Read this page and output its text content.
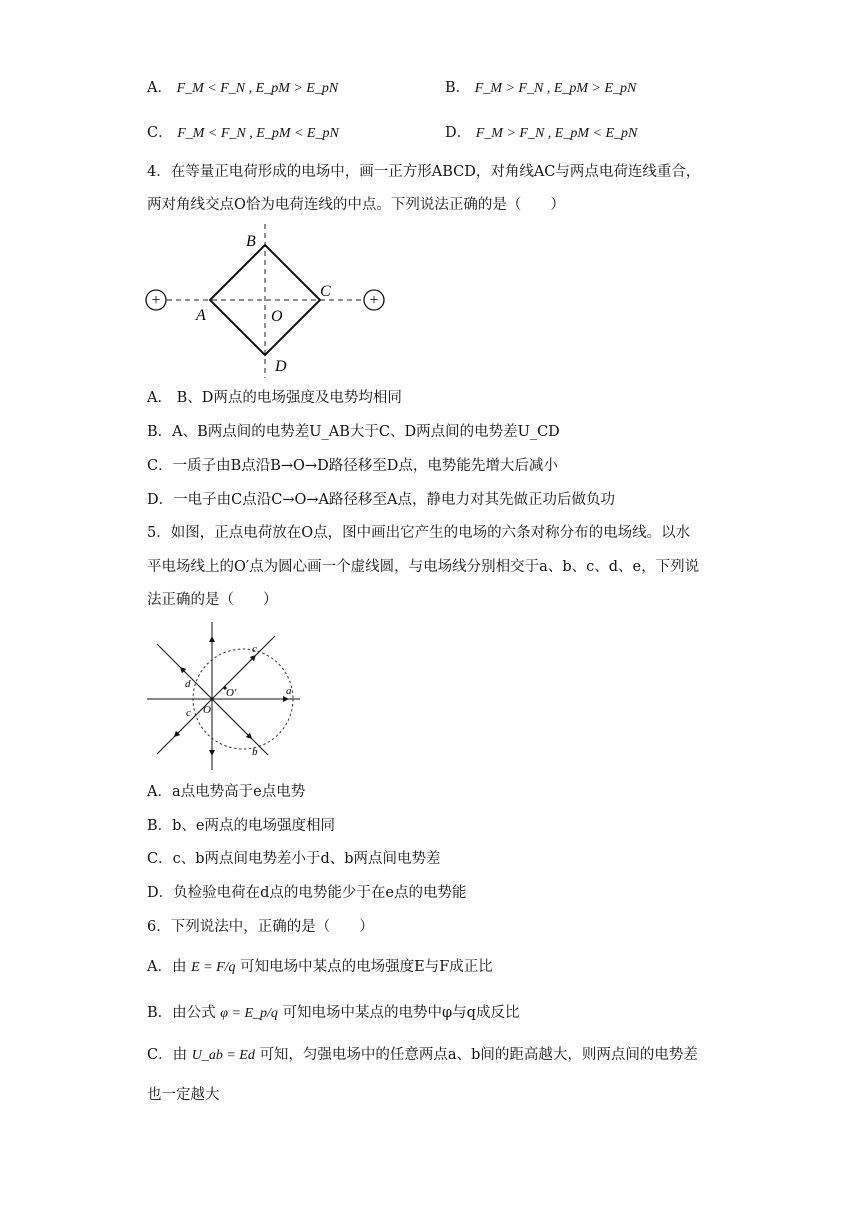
A． F_M < F_N , E_pM > E_pN	B． F_M > F_N , E_pM > E_pN
C． F_M < F_N , E_pM < E_pN	D． F_M > F_N , E_pM < E_pN
4．在等量正电荷形成的电场中，画一正方形ABCD，对角线AC与两点电荷连线重合，
两对角线交点O恰为电荷连线的中点。下列说法正确的是（　　）
+	+
A
B
C
D
O
A． B、D两点的电场强度及电势均相同
B．A、B两点间的电势差U_AB大于C、D两点间的电势差U_CD
C．一质子由B点沿B→O→D路径移至D点，电势能先增大后减小
D．一电子由C点沿C→O→A路径移至A点，静电力对其先做正功后做负功
5．如图，正点电荷放在O点，图中画出它产生的电场的六条对称分布的电场线。以水
平电场线上的O′点为圆心画一个虚线圆，与电场线分别相交于a、b、c、d、e，下列说
法正确的是（　　）
a
b
c
c
d
O
O′
A．a点电势高于e点电势
B．b、e两点的电场强度相同
C．c、b两点间电势差小于d、b两点间电势差
D．负检验电荷在d点的电势能少于在e点的电势能
6．下列说法中，正确的是（　　）
A．由 E = F/q 可知电场中某点的电场强度E与F成正比
B．由公式 φ = E_p/q 可知电场中某点的电势中φ与q成反比
C．由 U_ab = Ed 可知，匀强电场中的任意两点a、b间的距高越大，则两点间的电势差
也一定越大
